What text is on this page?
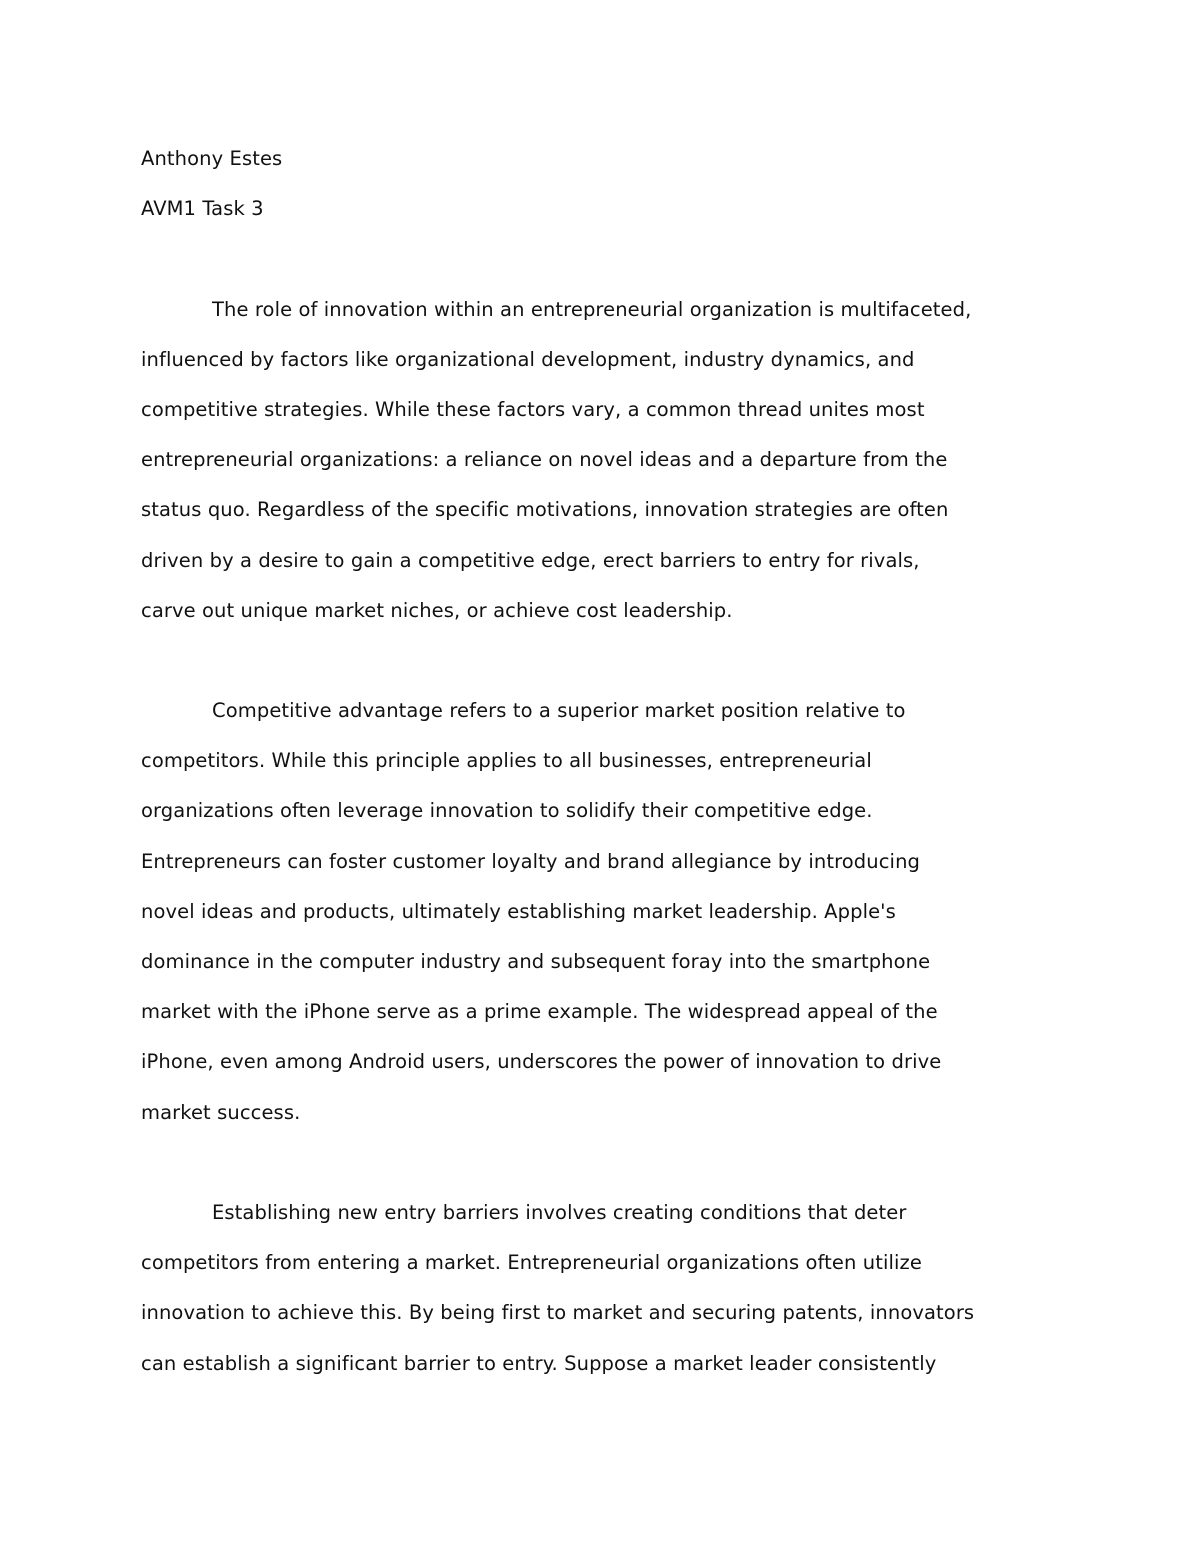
Anthony Estes
AVM1 Task 3
The role of innovation within an entrepreneurial organization is multifaceted,
influenced by factors like organizational development, industry dynamics, and
competitive strategies. While these factors vary, a common thread unites most
entrepreneurial organizations: a reliance on novel ideas and a departure from the
status quo. Regardless of the specific motivations, innovation strategies are often
driven by a desire to gain a competitive edge, erect barriers to entry for rivals,
carve out unique market niches, or achieve cost leadership.
Competitive advantage refers to a superior market position relative to
competitors. While this principle applies to all businesses, entrepreneurial
organizations often leverage innovation to solidify their competitive edge.
Entrepreneurs can foster customer loyalty and brand allegiance by introducing
novel ideas and products, ultimately establishing market leadership. Apple's
dominance in the computer industry and subsequent foray into the smartphone
market with the iPhone serve as a prime example. The widespread appeal of the
iPhone, even among Android users, underscores the power of innovation to drive
market success.
Establishing new entry barriers involves creating conditions that deter
competitors from entering a market. Entrepreneurial organizations often utilize
innovation to achieve this. By being first to market and securing patents, innovators
can establish a significant barrier to entry. Suppose a market leader consistently
